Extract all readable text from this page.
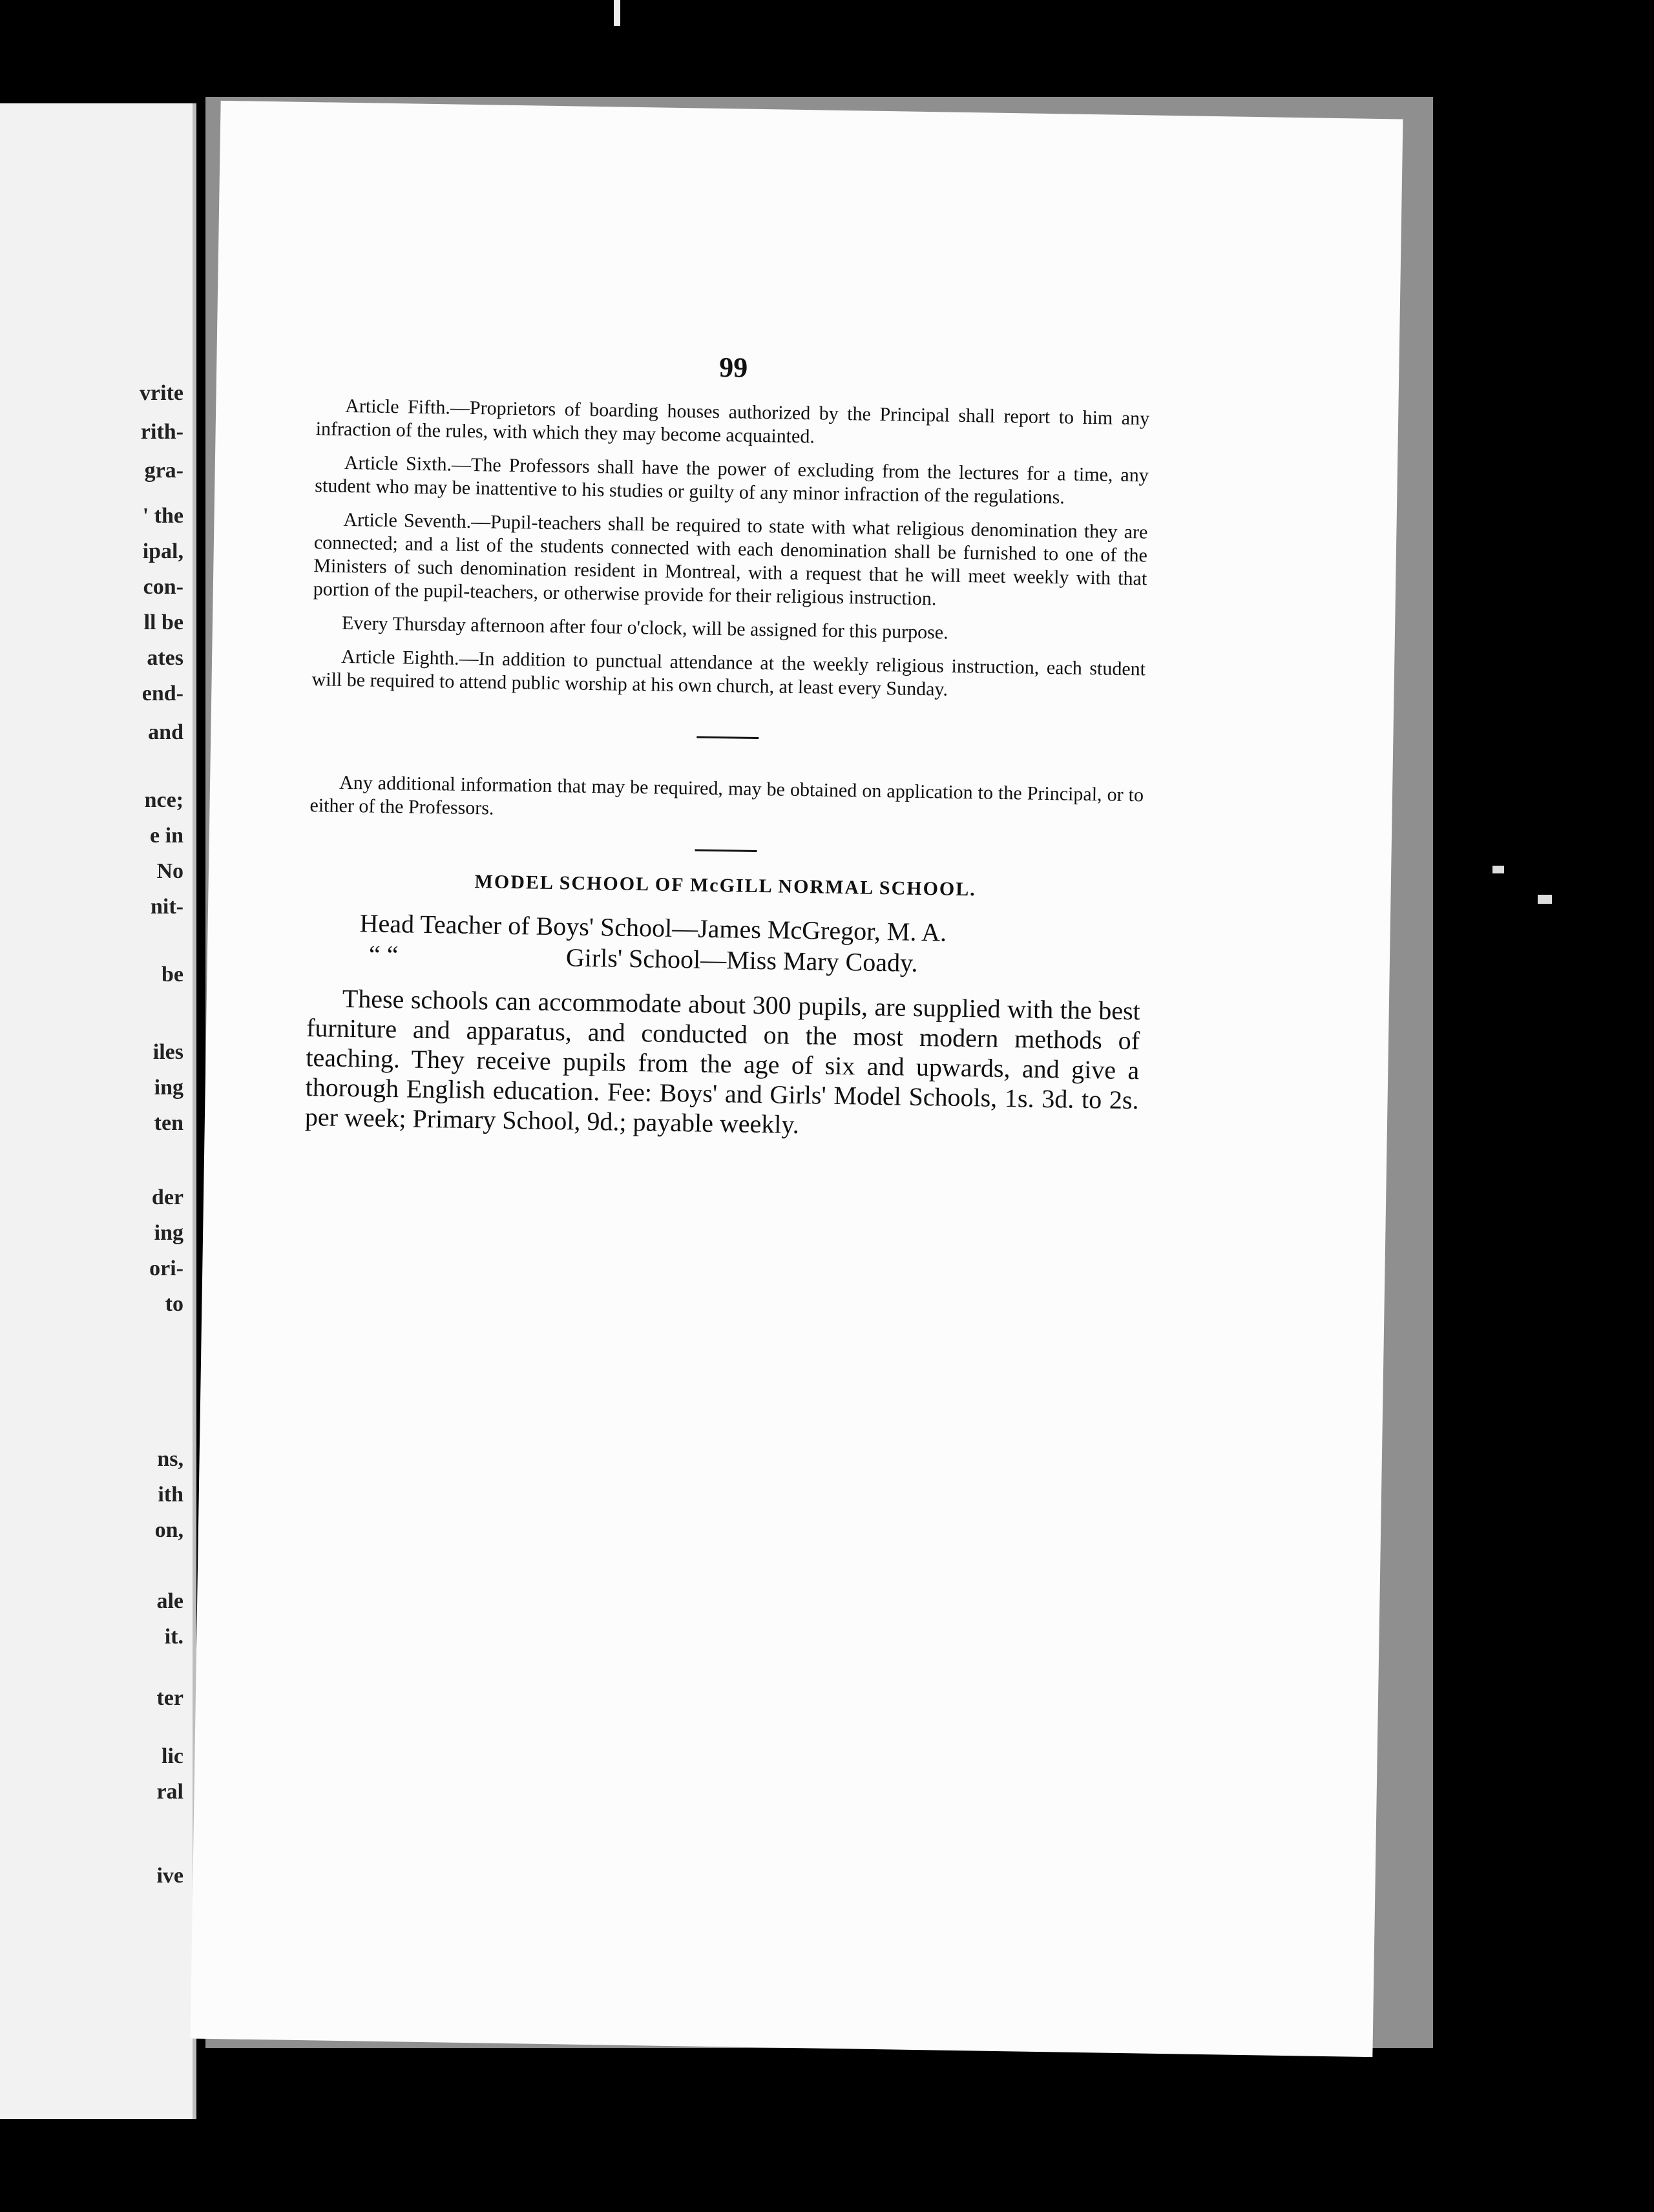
vrite
rith-
gra-
' the
ipal,
con-
ll be
ates
end-
and
nce;
e in
No
nit-
be
iles
ing
ten
der
ing
ori-
to
ns,
ith
on,
ale
it.
ter
lic
ral
ive
99

Article Fifth.—Proprietors of boarding houses authorized by the Principal shall report to him any infraction of the rules, with which they may become acquainted.

Article Sixth.—The Professors shall have the power of excluding from the lectures for a time, any student who may be inattentive to his studies or guilty of any minor infraction of the regulations.

Article Seventh.—Pupil-teachers shall be required to state with what religious denomination they are connected; and a list of the students connected with each denomination shall be furnished to one of the Ministers of such denomination resident in Montreal, with a request that he will meet weekly with that portion of the pupil-teachers, or otherwise provide for their religious instruction.

Every Thursday afternoon after four o'clock, will be assigned for this purpose.

Article Eighth.—In addition to punctual attendance at the weekly religious instruction, each student will be required to attend public worship at his own church, at least every Sunday.

Any additional information that may be required, may be obtained on application to the Principal, or to either of the Professors.

MODEL SCHOOL OF McGILL NORMAL SCHOOL.
Head Teacher of Boys' School—James McGregor, M. A.
“ “	Girls' School—Miss Mary Coady.

These schools can accommodate about 300 pupils, are supplied with the best furniture and apparatus, and conducted on the most modern methods of teaching. They receive pupils from the age of six and upwards, and give a thorough English education. Fee: Boys' and Girls' Model Schools, 1s. 3d. to 2s. per week; Primary School, 9d.; payable weekly.
